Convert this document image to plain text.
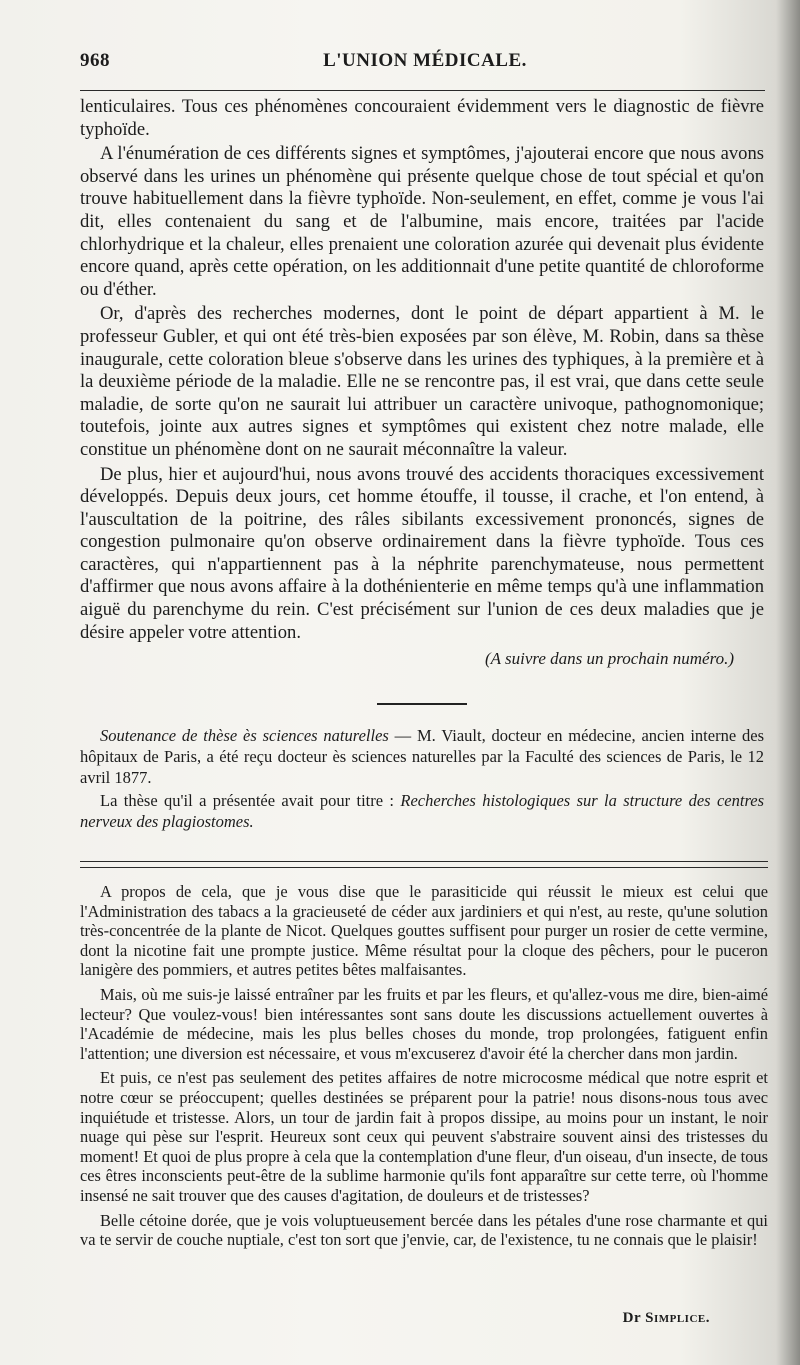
L'UNION MÉDICALE.
968

lenticulaires. Tous ces phénomènes concouraient évidemment vers le diagnostic de fièvre typhoïde.

A l'énumération de ces différents signes et symptômes, j'ajouterai encore que nous avons observé dans les urines un phénomène qui présente quelque chose de tout spécial et qu'on trouve habituellement dans la fièvre typhoïde. Non-seulement, en effet, comme je vous l'ai dit, elles contenaient du sang et de l'albumine, mais encore, traitées par l'acide chlorhydrique et la chaleur, elles prenaient une coloration azurée qui devenait plus évidente encore quand, après cette opération, on les additionnait d'une petite quantité de chloroforme ou d'éther.

Or, d'après des recherches modernes, dont le point de départ appartient à M. le professeur Gubler, et qui ont été très-bien exposées par son élève, M. Robin, dans sa thèse inaugurale, cette coloration bleue s'observe dans les urines des typhiques, à la première et à la deuxième période de la maladie. Elle ne se rencontre pas, il est vrai, que dans cette seule maladie, de sorte qu'on ne saurait lui attribuer un caractère univoque, pathognomonique; toutefois, jointe aux autres signes et symptômes qui existent chez notre malade, elle constitue un phénomène dont on ne saurait méconnaître la valeur.

De plus, hier et aujourd'hui, nous avons trouvé des accidents thoraciques excessivement développés. Depuis deux jours, cet homme étouffe, il tousse, il crache, et l'on entend, à l'auscultation de la poitrine, des râles sibilants excessivement prononcés, signes de congestion pulmonaire qu'on observe ordinairement dans la fièvre typhoïde. Tous ces caractères, qui n'appartiennent pas à la néphrite parenchymateuse, nous permettent d'affirmer que nous avons affaire à la dothénienterie en même temps qu'à une inflammation aiguë du parenchyme du rein. C'est précisément sur l'union de ces deux maladies que je désire appeler votre attention.

(A suivre dans un prochain numéro.)

Soutenance de thèse ès sciences naturelles — M. Viault, docteur en médecine, ancien interne des hôpitaux de Paris, a été reçu docteur ès sciences naturelles par la Faculté des sciences de Paris, le 12 avril 1877.

La thèse qu'il a présentée avait pour titre : Recherches histologiques sur la structure des centres nerveux des plagiostomes.

A propos de cela, que je vous dise que le parasiticide qui réussit le mieux est celui que l'Administration des tabacs a la gracieuseté de céder aux jardiniers et qui n'est, au reste, qu'une solution très-concentrée de la plante de Nicot. Quelques gouttes suffisent pour purger un rosier de cette vermine, dont la nicotine fait une prompte justice. Même résultat pour la cloque des pêchers, pour le puceron lanigère des pommiers, et autres petites bêtes malfaisantes.

Mais, où me suis-je laissé entraîner par les fruits et par les fleurs, et qu'allez-vous me dire, bien-aimé lecteur? Que voulez-vous! bien intéressantes sont sans doute les discussions actuellement ouvertes à l'Académie de médecine, mais les plus belles choses du monde, trop prolongées, fatiguent enfin l'attention; une diversion est nécessaire, et vous m'excuserez d'avoir été la chercher dans mon jardin.

Et puis, ce n'est pas seulement des petites affaires de notre microcosme médical que notre esprit et notre cœur se préoccupent; quelles destinées se préparent pour la patrie! nous disons-nous tous avec inquiétude et tristesse. Alors, un tour de jardin fait à propos dissipe, au moins pour un instant, le noir nuage qui pèse sur l'esprit. Heureux sont ceux qui peuvent s'abstraire souvent ainsi des tristesses du moment! Et quoi de plus propre à cela que la contemplation d'une fleur, d'un oiseau, d'un insecte, de tous ces êtres inconscients peut-être de la sublime harmonie qu'ils font apparaître sur cette terre, où l'homme insensé ne sait trouver que des causes d'agitation, de douleurs et de tristesses?

Belle cétoine dorée, que je vois voluptueusement bercée dans les pétales d'une rose charmante et qui va te servir de couche nuptiale, c'est ton sort que j'envie, car, de l'existence, tu ne connais que le plaisir!

Dr Simplice.
